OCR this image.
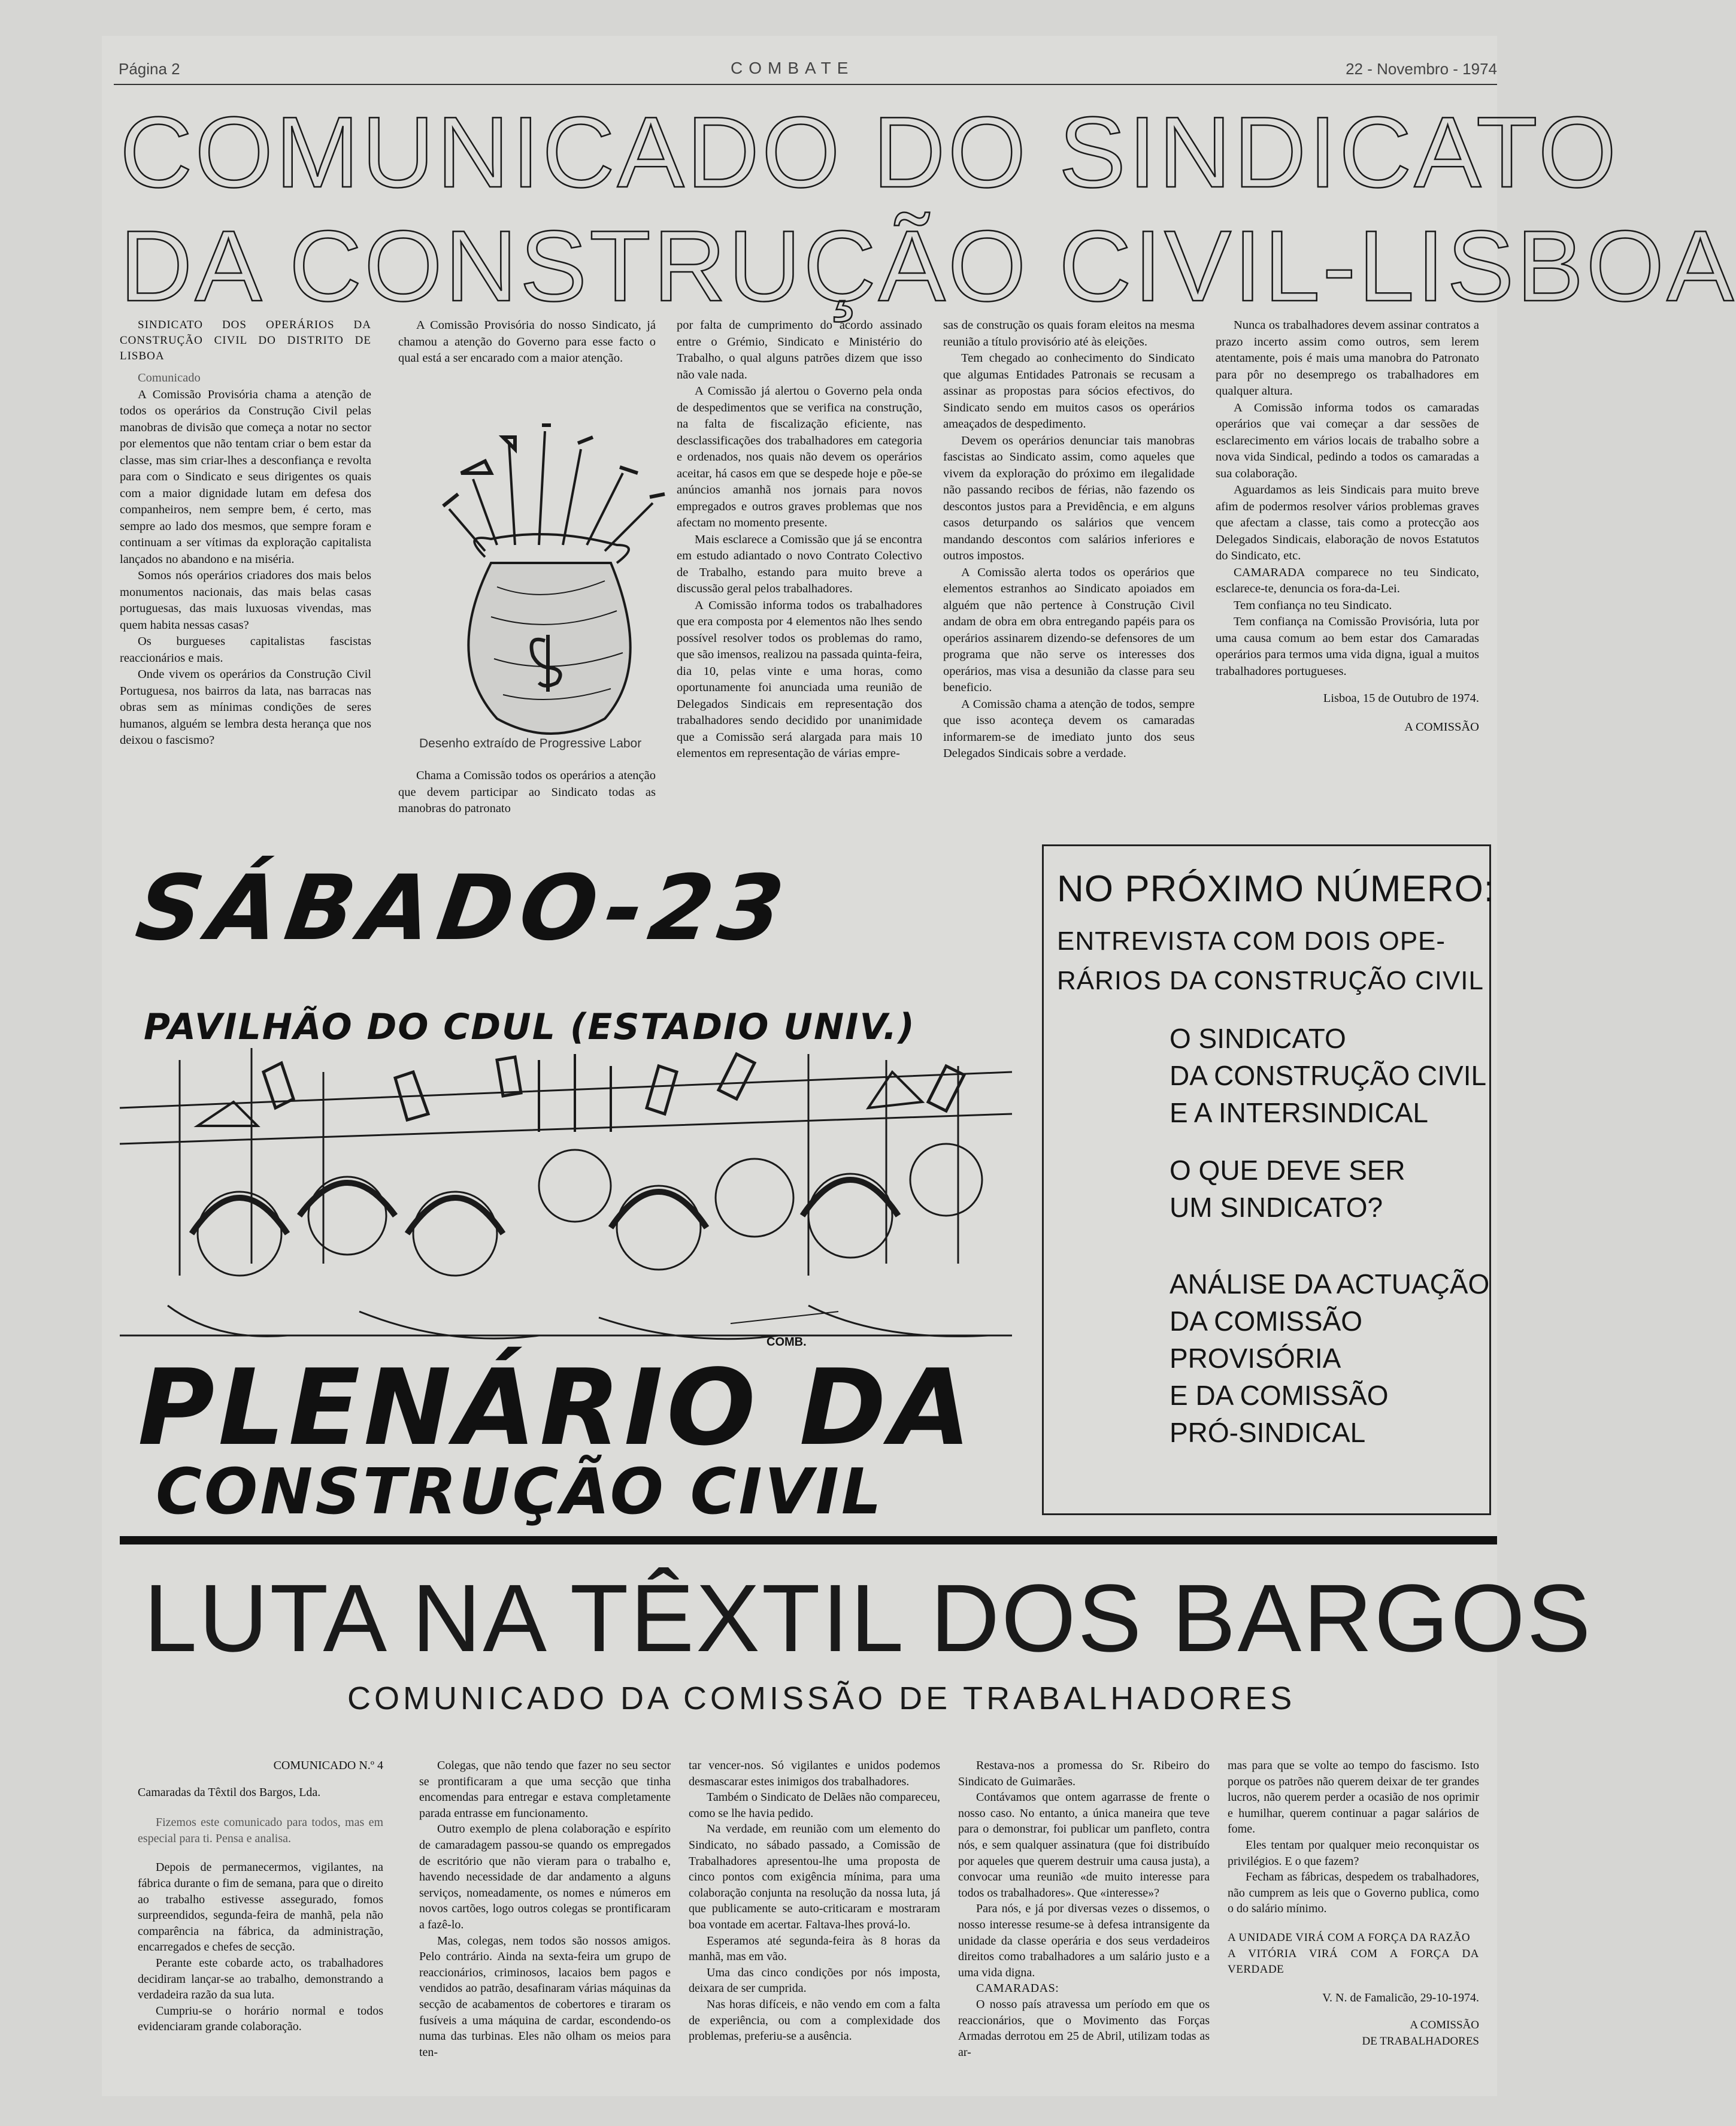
Página 2	COMBATE	22 - Novembro - 1974
COMUNICADO DO SINDICATO
DA CONSTRUÇÃO CIVIL-LISBOA

SINDICATO DOS OPERÁRIOS DA CONSTRUÇÃO CIVIL DO DISTRITO DE LISBOA

Comunicado

A Comissão Provisória chama a atenção de todos os operários da Construção Civil pelas manobras de divisão que começa a notar no sector por elementos que não tentam criar o bem estar da classe, mas sim criar-lhes a desconfiança e revolta para com o Sindicato e seus dirigentes os quais com a maior dignidade lutam em defesa dos companheiros, nem sempre bem, é certo, mas sempre ao lado dos mesmos, que sempre foram e continuam a ser vítimas da exploração capitalista lançados no abandono e na miséria.

Somos nós operários criadores dos mais belos monumentos nacionais, das mais belas casas portuguesas, das mais luxuosas vivendas, mas quem habita nessas casas?

Os burgueses capitalistas fascistas reaccionários e mais.

Onde vivem os operários da Construção Civil Portuguesa, nos bairros da lata, nas barracas nas obras sem as mínimas condições de seres humanos, alguém se lembra desta herança que nos deixou o fascismo?

A Comissão Provisória do nosso Sindicato, já chamou a atenção do Governo para esse facto o qual está a ser encarado com a maior atenção.

Desenho extraído de Progressive Labor

Chama a Comissão todos os operários a atenção que devem participar ao Sindicato todas as manobras do patronato

por falta de cumprimento do acordo assinado entre o Grémio, Sindicato e Ministério do Trabalho, o qual alguns patrões dizem que isso não vale nada.

A Comissão já alertou o Governo pela onda de despedimentos que se verifica na construção, na falta de fiscalização eficiente, nas desclassificações dos trabalhadores em categoria e ordenados, nos quais não devem os operários aceitar, há casos em que se despede hoje e põe-se anúncios amanhã nos jornais para novos empregados e outros graves problemas que nos afectam no momento presente.

Mais esclarece a Comissão que já se encontra em estudo adiantado o novo Contrato Colectivo de Trabalho, estando para muito breve a discussão geral pelos trabalhadores.

A Comissão informa todos os trabalhadores que era composta por 4 elementos não lhes sendo possível resolver todos os problemas do ramo, que são imensos, realizou na passada quinta-feira, dia 10, pelas vinte e uma horas, como oportunamente foi anunciada uma reunião de Delegados Sindicais em representação dos trabalhadores sendo decidido por unanimidade que a Comissão será alargada para mais 10 elementos em representação de várias empre-

sas de construção os quais foram eleitos na mesma reunião a título provisório até às eleições.

Tem chegado ao conhecimento do Sindicato que algumas Entidades Patronais se recusam a assinar as propostas para sócios efectivos, do Sindicato sendo em muitos casos os operários ameaçados de despedimento.

Devem os operários denunciar tais manobras fascistas ao Sindicato assim, como aqueles que vivem da exploração do próximo em ilegalidade não passando recibos de férias, não fazendo os descontos justos para a Previdência, e em alguns casos deturpando os salários que vencem mandando descontos com salários inferiores e outros impostos.

A Comissão alerta todos os operários que elementos estranhos ao Sindicato apoiados em alguém que não pertence à Construção Civil andam de obra em obra entregando papéis para os operários assinarem dizendo-se defensores de um programa que não serve os interesses dos operários, mas visa a desunião da classe para seu beneficio.

A Comissão chama a atenção de todos, sempre que isso aconteça devem os camaradas informarem-se de imediato junto dos seus Delegados Sindicais sobre a verdade.

Nunca os trabalhadores devem assinar contratos a prazo incerto assim como outros, sem lerem atentamente, pois é mais uma manobra do Patronato para pôr no desemprego os trabalhadores em qualquer altura.

A Comissão informa todos os camaradas operários que vai começar a dar sessões de esclarecimento em vários locais de trabalho sobre a nova vida Sindical, pedindo a todos os camaradas a sua colaboração.

Aguardamos as leis Sindicais para muito breve afim de podermos resolver vários problemas graves que afectam a classe, tais como a protecção aos Delegados Sindicais, elaboração de novos Estatutos do Sindicato, etc.

CAMARADA comparece no teu Sindicato, esclarece-te, denuncia os fora-da-Lei.

Tem confiança no teu Sindicato.

Tem confiança na Comissão Provisória, luta por uma causa comum ao bem estar dos Camaradas operários para termos uma vida digna, igual a muitos trabalhadores portugueses.

Lisboa, 15 de Outubro de 1974.

A COMISSÃO

SÁBADO-23
PAVILHÃO DO CDUL (ESTADIO UNIV.)
COMB.
PLENÁRIO DA
CONSTRUÇÃO CIVIL
NO PRÓXIMO NÚMERO:
ENTREVISTA COM DOIS OPE-
RÁRIOS DA CONSTRUÇÃO CIVIL
O SINDICATO
DA CONSTRUÇÃO CIVIL
E A INTERSINDICAL
O QUE DEVE SER
UM SINDICATO?
ANÁLISE DA ACTUAÇÃO
DA COMISSÃO
PROVISÓRIA
E DA COMISSÃO
PRÓ-SINDICAL
LUTA NA TÊXTIL DOS BARGOS
COMUNICADO DA COMISSÃO DE TRABALHADORES

COMUNICADO N.º 4

Camaradas da Têxtil dos Bargos, Lda.

Fizemos este comunicado para todos, mas em especial para ti. Pensa e analisa.

Depois de permanecermos, vigilantes, na fábrica durante o fim de semana, para que o direito ao trabalho estivesse assegurado, fomos surpreendidos, segunda-feira de manhã, pela não comparência na fábrica, da administração, encarregados e chefes de secção.

Perante este cobarde acto, os trabalhadores decidiram lançar-se ao trabalho, demonstrando a verdadeira razão da sua luta.

Cumpriu-se o horário normal e todos evidenciaram grande colaboração.

Colegas, que não tendo que fazer no seu sector se prontificaram a que uma secção que tinha encomendas para entregar e estava completamente parada entrasse em funcionamento.

Outro exemplo de plena colaboração e espírito de camaradagem passou-se quando os empregados de escritório que não vieram para o trabalho e, havendo necessidade de dar andamento a alguns serviços, nomeadamente, os nomes e números em novos cartões, logo outros colegas se prontificaram a fazê-lo.

Mas, colegas, nem todos são nossos amigos. Pelo contrário. Ainda na sexta-feira um grupo de reaccionários, criminosos, lacaios bem pagos e vendidos ao patrão, desafinaram várias máquinas da secção de acabamentos de cobertores e tiraram os fusíveis a uma máquina de cardar, escondendo-os numa das turbinas. Eles não olham os meios para ten-

tar vencer-nos. Só vigilantes e unidos podemos desmascarar estes inimigos dos trabalhadores.

Também o Sindicato de Delães não compareceu, como se lhe havia pedido.

Na verdade, em reunião com um elemento do Sindicato, no sábado passado, a Comissão de Trabalhadores apresentou-lhe uma proposta de cinco pontos com exigência mínima, para uma colaboração conjunta na resolução da nossa luta, já que publicamente se auto-criticaram e mostraram boa vontade em acertar. Faltava-lhes prová-lo.

Esperamos até segunda-feira às 8 horas da manhã, mas em vão.

Uma das cinco condições por nós imposta, deixara de ser cumprida.

Nas horas difíceis, e não vendo em com a falta de experiência, ou com a complexidade dos problemas, preferiu-se a ausência.

Restava-nos a promessa do Sr. Ribeiro do Sindicato de Guimarães.

Contávamos que ontem agarrasse de frente o nosso caso. No entanto, a única maneira que teve para o demonstrar, foi publicar um panfleto, contra nós, e sem qualquer assinatura (que foi distribuído por aqueles que querem destruir uma causa justa), a convocar uma reunião «de muito interesse para todos os trabalhadores». Que «interesse»?

Para nós, e já por diversas vezes o dissemos, o nosso interesse resume-se à defesa intransigente da unidade da classe operária e dos seus verdadeiros direitos como trabalhadores a um salário justo e a uma vida digna.

CAMARADAS:

O nosso país atravessa um período em que os reaccionários, que o Movimento das Forças Armadas derrotou em 25 de Abril, utilizam todas as ar-

mas para que se volte ao tempo do fascismo. Isto porque os patrões não querem deixar de ter grandes lucros, não querem perder a ocasião de nos oprimir e humilhar, querem continuar a pagar salários de fome.

Eles tentam por qualquer meio reconquistar os privilégios. E o que fazem?

Fecham as fábricas, despedem os trabalhadores, não cumprem as leis que o Governo publica, como o do salário mínimo.

A UNIDADE VIRÁ COM A FORÇA DA RAZÃO

A VITÓRIA VIRÁ COM A FORÇA DA VERDADE

V. N. de Famalicão, 29-10-1974.

A COMISSÃO

DE TRABALHADORES
